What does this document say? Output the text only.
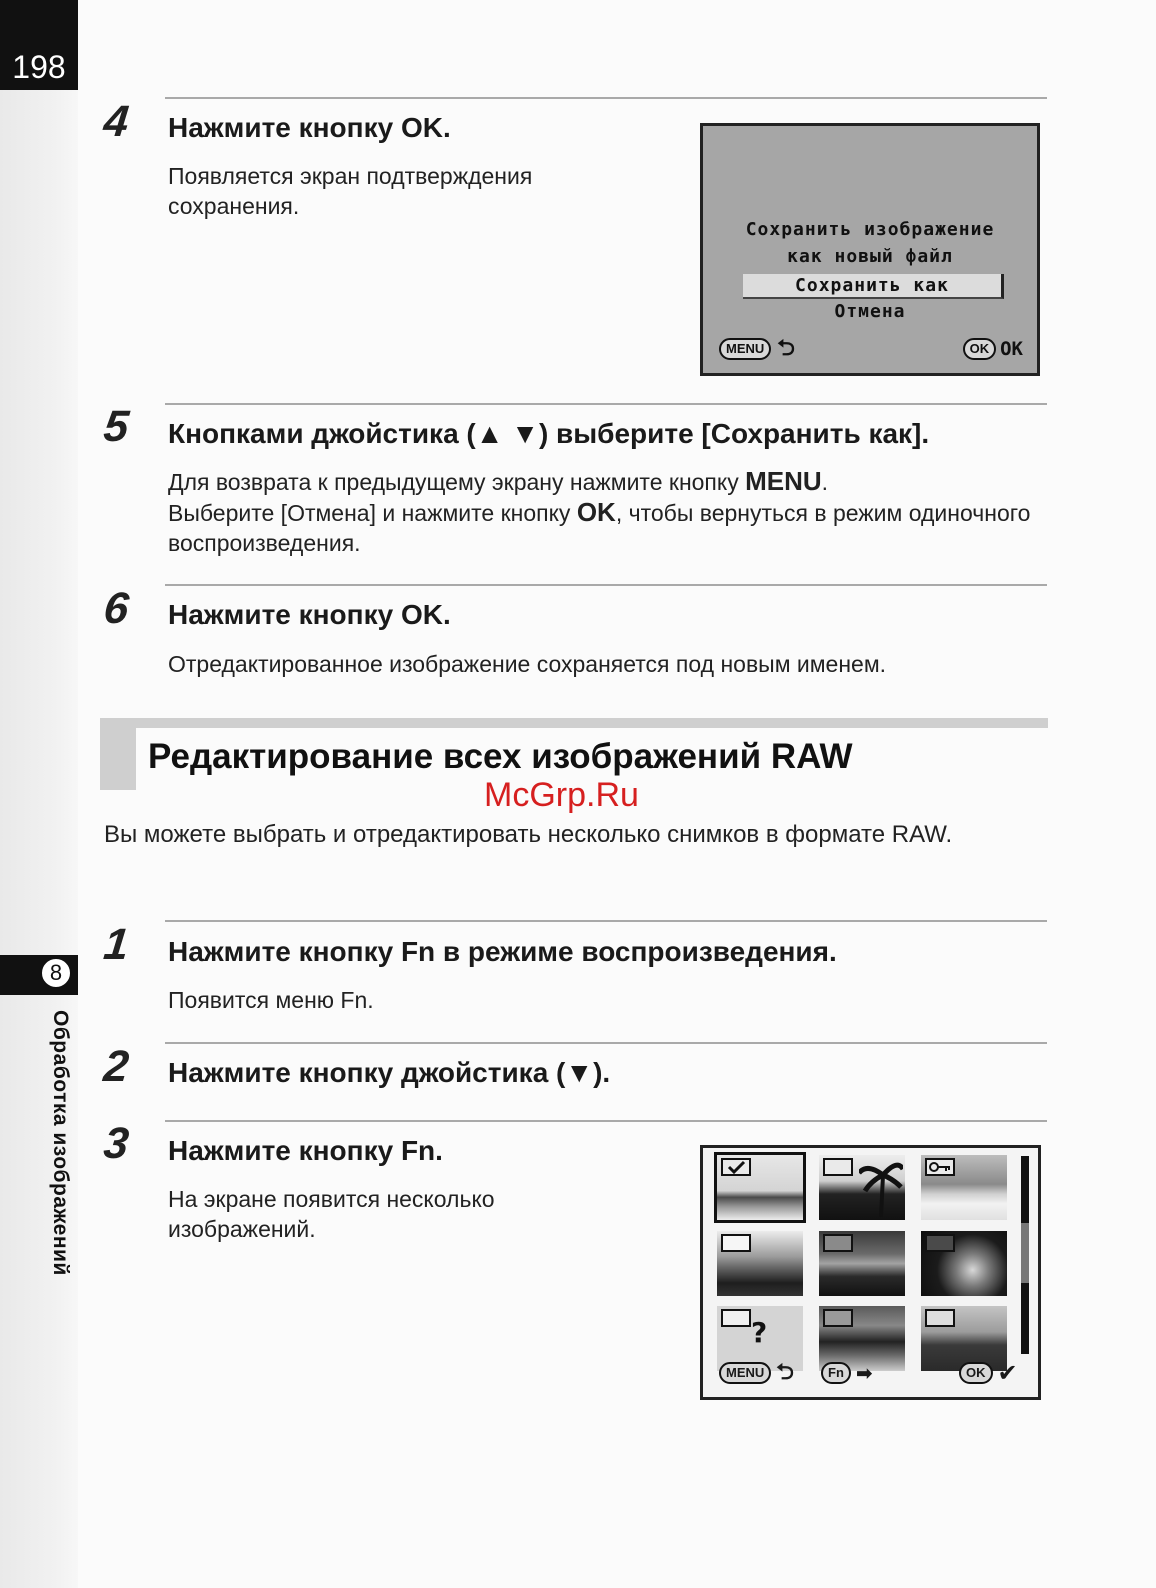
198
8
Обработка изображений
4 Нажмите кнопку OK.
Появляется экран подтверждения сохранения.
Сохранить изображение
как новый файл
Сохранить как
Отмена
MENU ⮌	OK OK
5 Кнопками джойстика (▲ ▼) выберите [Сохранить как].
Для возврата к предыдущему экрану нажмите кнопку MENU.
Выберите [Отмена] и нажмите кнопку OK, чтобы вернуться в режим одиночного воспроизведения.
6 Нажмите кнопку OK.
Отредактированное изображение сохраняется под новым именем.
Редактирование всех изображений RAW
McGrp.Ru
Вы можете выбрать и отредактировать несколько снимков в формате RAW.
1 Нажмите кнопку Fn в режиме воспроизведения.
Появится меню Fn.
2 Нажмите кнопку джойстика (▼).
3 Нажмите кнопку Fn.
На экране появится несколько изображений.
?
MENU ⮌	Fn ➡	OK ✔
